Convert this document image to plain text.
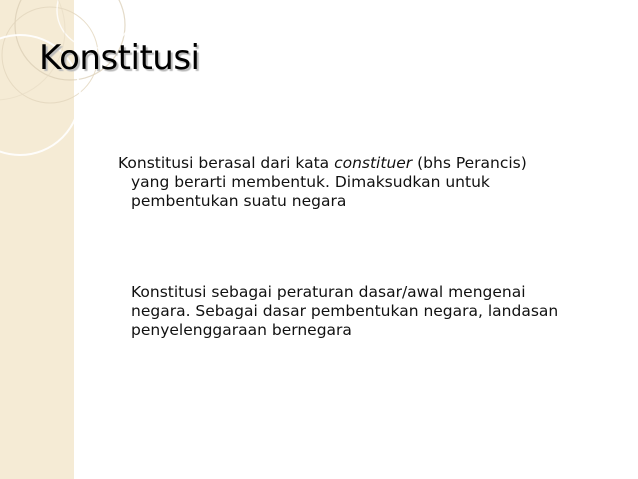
Konstitusi

Konstitusi berasal dari kata constituer (bhs Perancis)
yang berarti membentuk. Dimaksudkan untuk
pembentukan suatu negara

Konstitusi sebagai peraturan dasar/awal mengenai
negara. Sebagai dasar pembentukan negara, landasan
penyelenggaraan bernegara
